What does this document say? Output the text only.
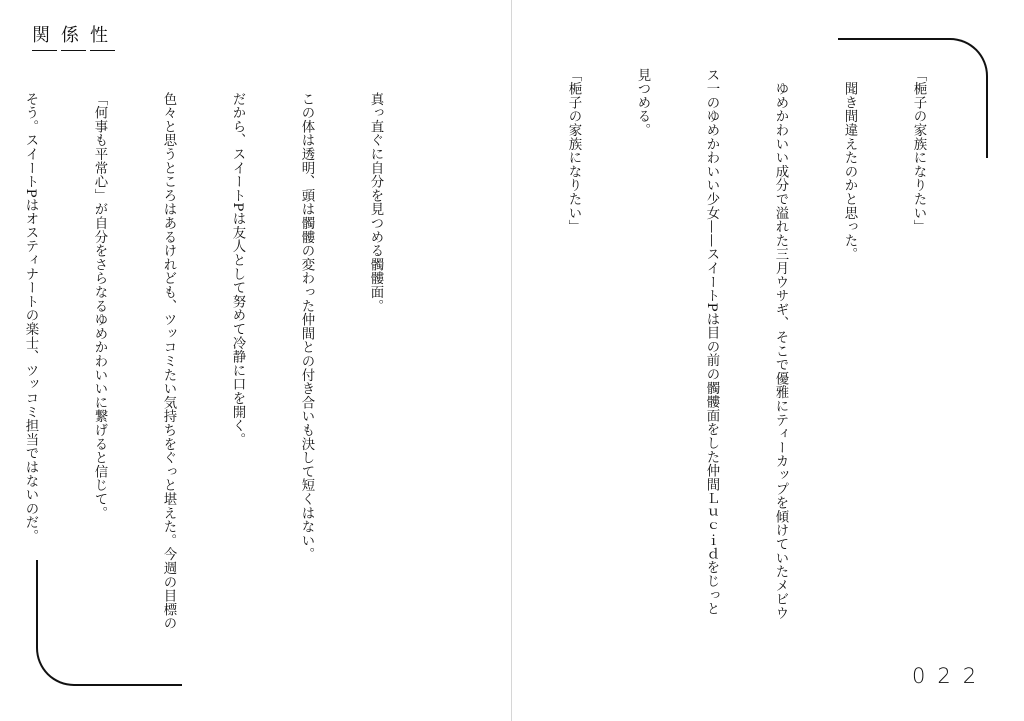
関 係 性

真っ直ぐに自分を見つめる髑髏面。

この体は透明、頭は髑髏の変わった仲間との付き合いも決して短くはない。

だから、スイートPは友人として努めて冷静に口を開く。

色々と思うところはあるけれども、ツッコミたい気持ちをぐっと堪えた。今週の目標の

「何事も平常心」が自分をさらなるゆめかわいいに繋げると信じて。

そう。スイートPはオスティナートの楽士、ツッコミ担当ではないのだ。

	「梔子の家族になりたい」

　聞き間違えたのかと思った。

　ゆめかわいい成分で溢れた三月ウサギ、そこで優雅にティーカップを傾けていたメビウ

ス一のゆめかわいい少女——スイートPは目の前の髑髏面をした仲間Ｌｕｃｉｄをじっと

見つめる。

「梔子の家族になりたい」

022
